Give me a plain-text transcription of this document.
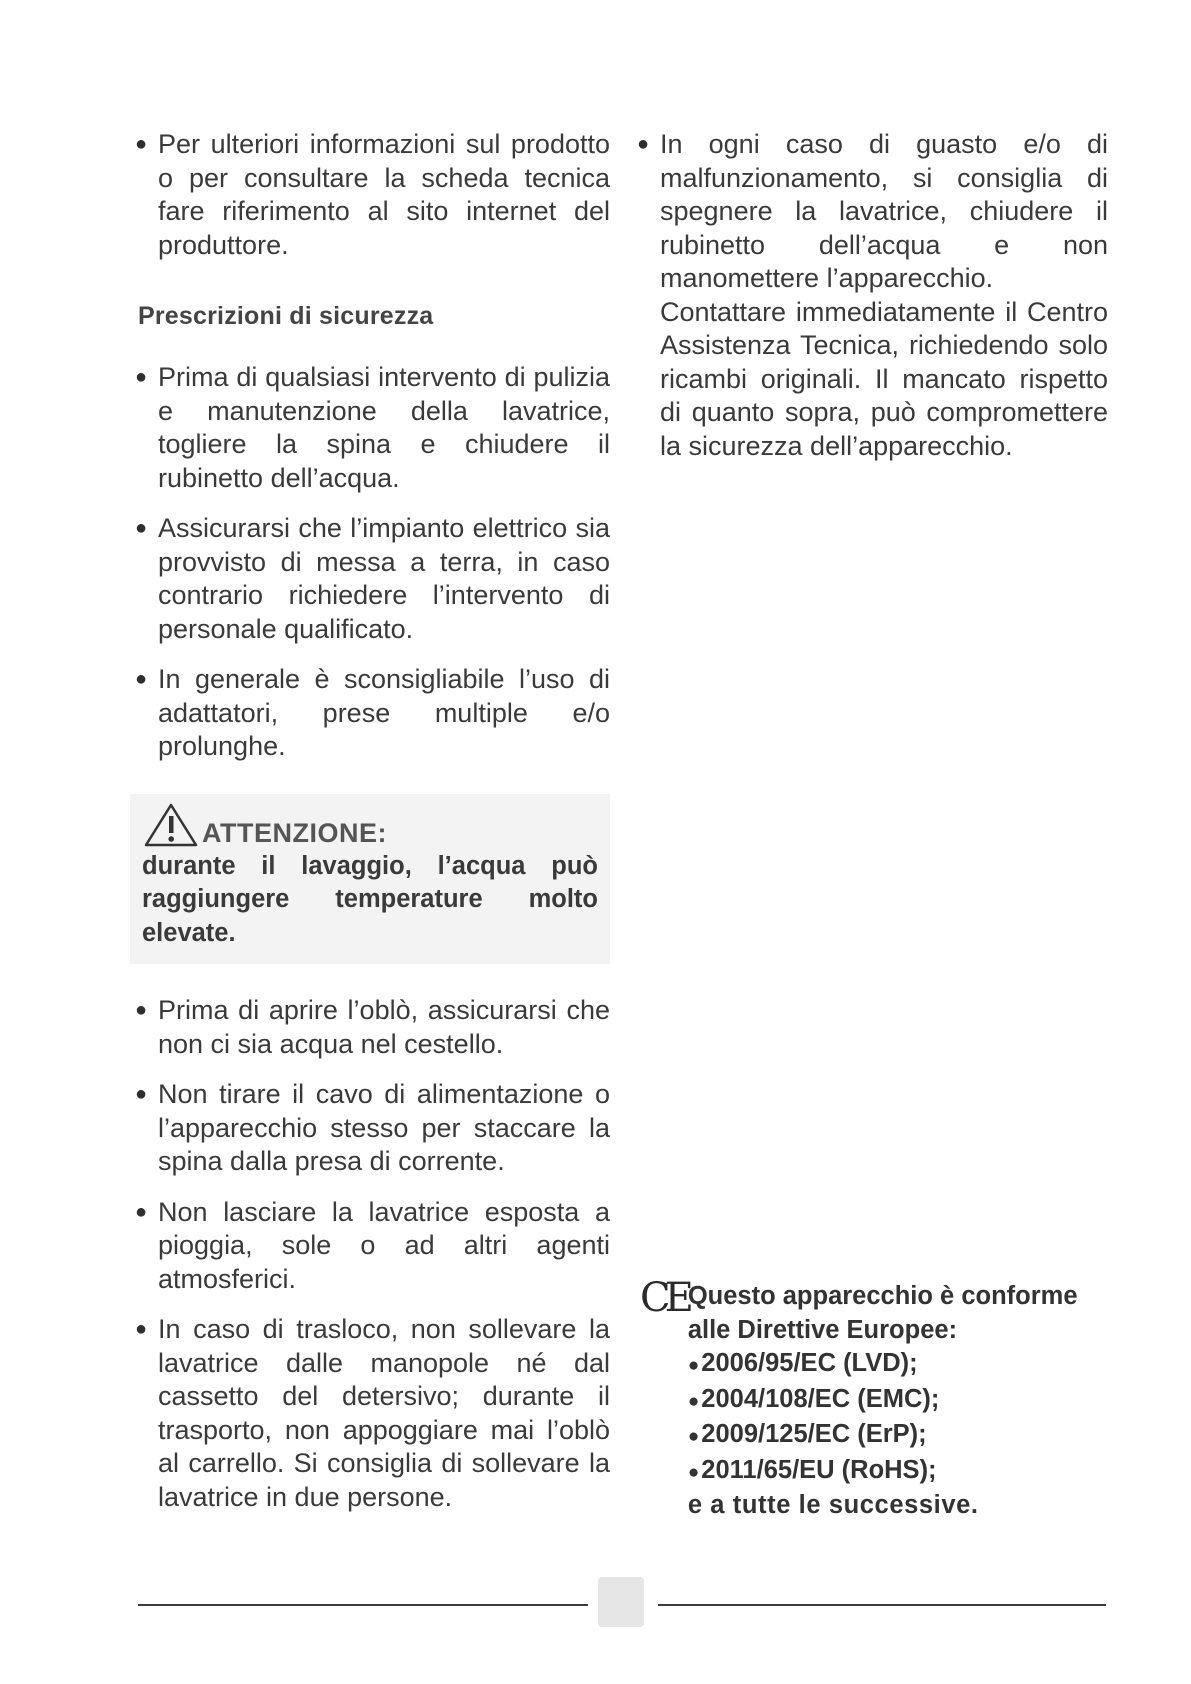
● Per ulteriori informazioni sul prodotto o per consultare la scheda tecnica fare riferimento al sito internet del produttore.
Prescrizioni di sicurezza
● Prima di qualsiasi intervento di pulizia e manutenzione della lavatrice, togliere la spina e chiudere il rubinetto dell’acqua.
● Assicurarsi che l’impianto elettrico sia provvisto di messa a terra, in caso contrario richiedere l’intervento di personale qualificato.
● In generale è sconsigliabile l’uso di adattatori, prese multiple e/o prolunghe.
ATTENZIONE:
durante il lavaggio, l’acqua può raggiungere temperature molto elevate.
● Prima di aprire l’oblò, assicurarsi che non ci sia acqua nel cestello.
● Non tirare il cavo di alimentazione o l’apparecchio stesso per staccare la spina dalla presa di corrente.
● Non lasciare la lavatrice esposta a pioggia, sole o ad altri agenti atmosferici.
● In caso di trasloco, non sollevare la lavatrice dalle manopole né dal cassetto del detersivo; durante il trasporto, non appoggiare mai l’oblò al carrello. Si consiglia di sollevare la lavatrice in due persone.
● In ogni caso di guasto e/o di malfunzionamento, si consiglia di spegnere la lavatrice, chiudere il rubinetto dell’acqua e non manomettere l’apparecchio.
Contattare immediatamente il Centro Assistenza Tecnica, richiedendo solo ricambi originali. Il mancato rispetto di quanto sopra, può compromettere la sicurezza dell’apparecchio.
CE Questo apparecchio è conforme alle Direttive Europee:
●2006/95/EC (LVD);
●2004/108/EC (EMC);
●2009/125/EC (ErP);
●2011/65/EU (RoHS);
e a tutte le successive.
